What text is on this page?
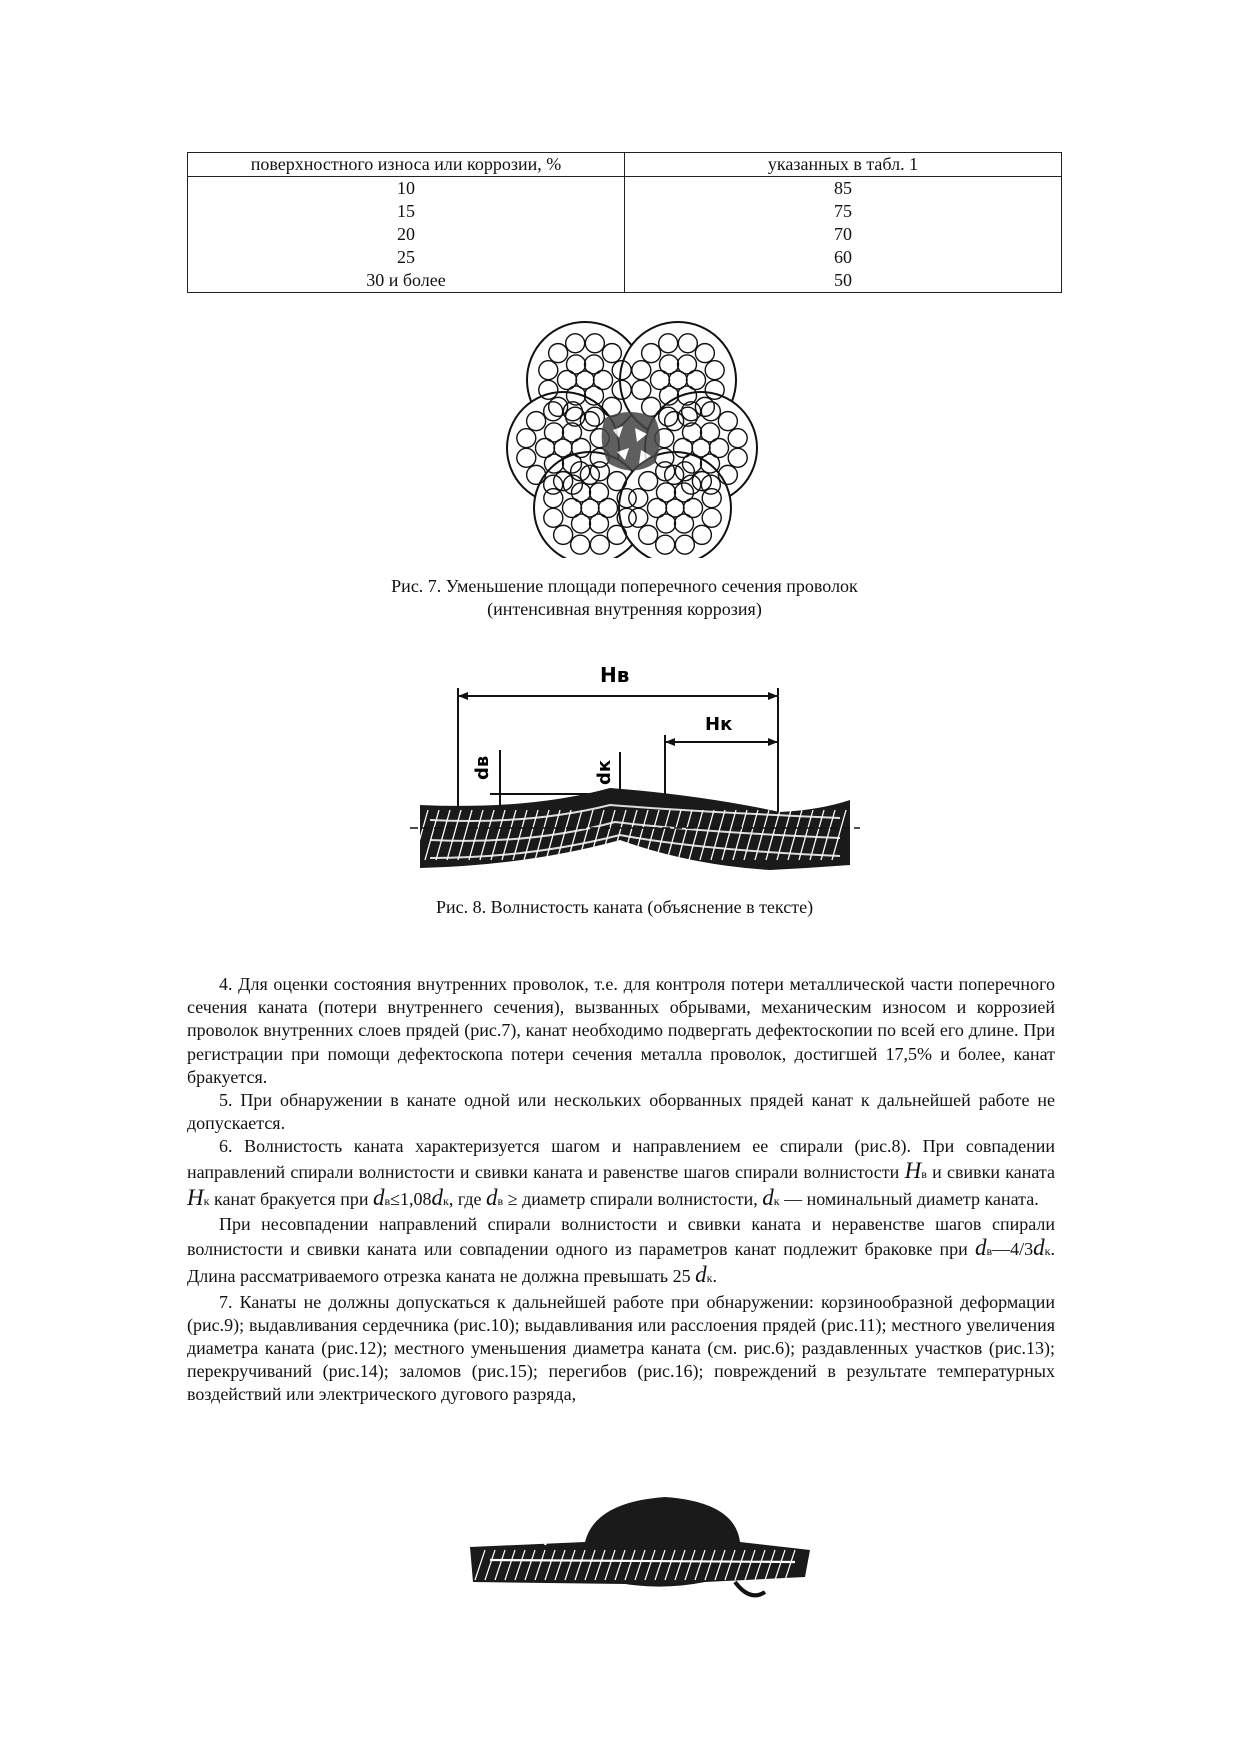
поверхностного износа или коррозии, %	указанных в табл. 1
10	85
15	75
20	70
25	60
30 и более	50
Рис. 7. Уменьшение площади поперечного сечения проволок
(интенсивная внутренняя коррозия)
Hв
Hк
dв	dк
Рис. 8. Волнистость каната (объяснение в тексте)

4. Для оценки состояния внутренних проволок, т.е. для контроля потери металлической части поперечного сечения каната (потери внутреннего сечения), вызванных обрывами, механическим износом и коррозией проволок внутренних слоев прядей (рис.7), канат необходимо подвергать дефектоскопии по всей его длине. При регистрации при помощи дефектоскопа потери сечения металла проволок, достигшей 17,5% и более, канат бракуется.

5. При обнаружении в канате одной или нескольких оборванных прядей канат к дальнейшей работе не допускается.

6. Волнистость каната характеризуется шагом и направлением ее спирали (рис.8). При совпадении направлений спирали волнистости и свивки каната и равенстве шагов спирали волнистости Hв и свивки каната Hк канат бракуется при dв≤1,08dк, где dв ≥ диаметр спирали волнистости, dк — номинальный диаметр каната.

При несовпадении направлений спирали волнистости и свивки каната и неравенстве шагов спирали волнистости и свивки каната или совпадении одного из параметров канат подлежит браковке при dв—4/3dк. Длина рассматриваемого отрезка каната не должна превышать 25 dк.

7. Канаты не должны допускаться к дальнейшей работе при обнаружении: корзинообразной деформации (рис.9); выдавливания сердечника (рис.10); выдавливания или расслоения прядей (рис.11); местного увеличения диаметра каната (рис.12); местного уменьшения диаметра каната (см. рис.6); раздавленных участков (рис.13); перекручиваний (рис.14); заломов (рис.15); перегибов (рис.16); повреждений в результате температурных воздействий или электрического дугового разряда,
